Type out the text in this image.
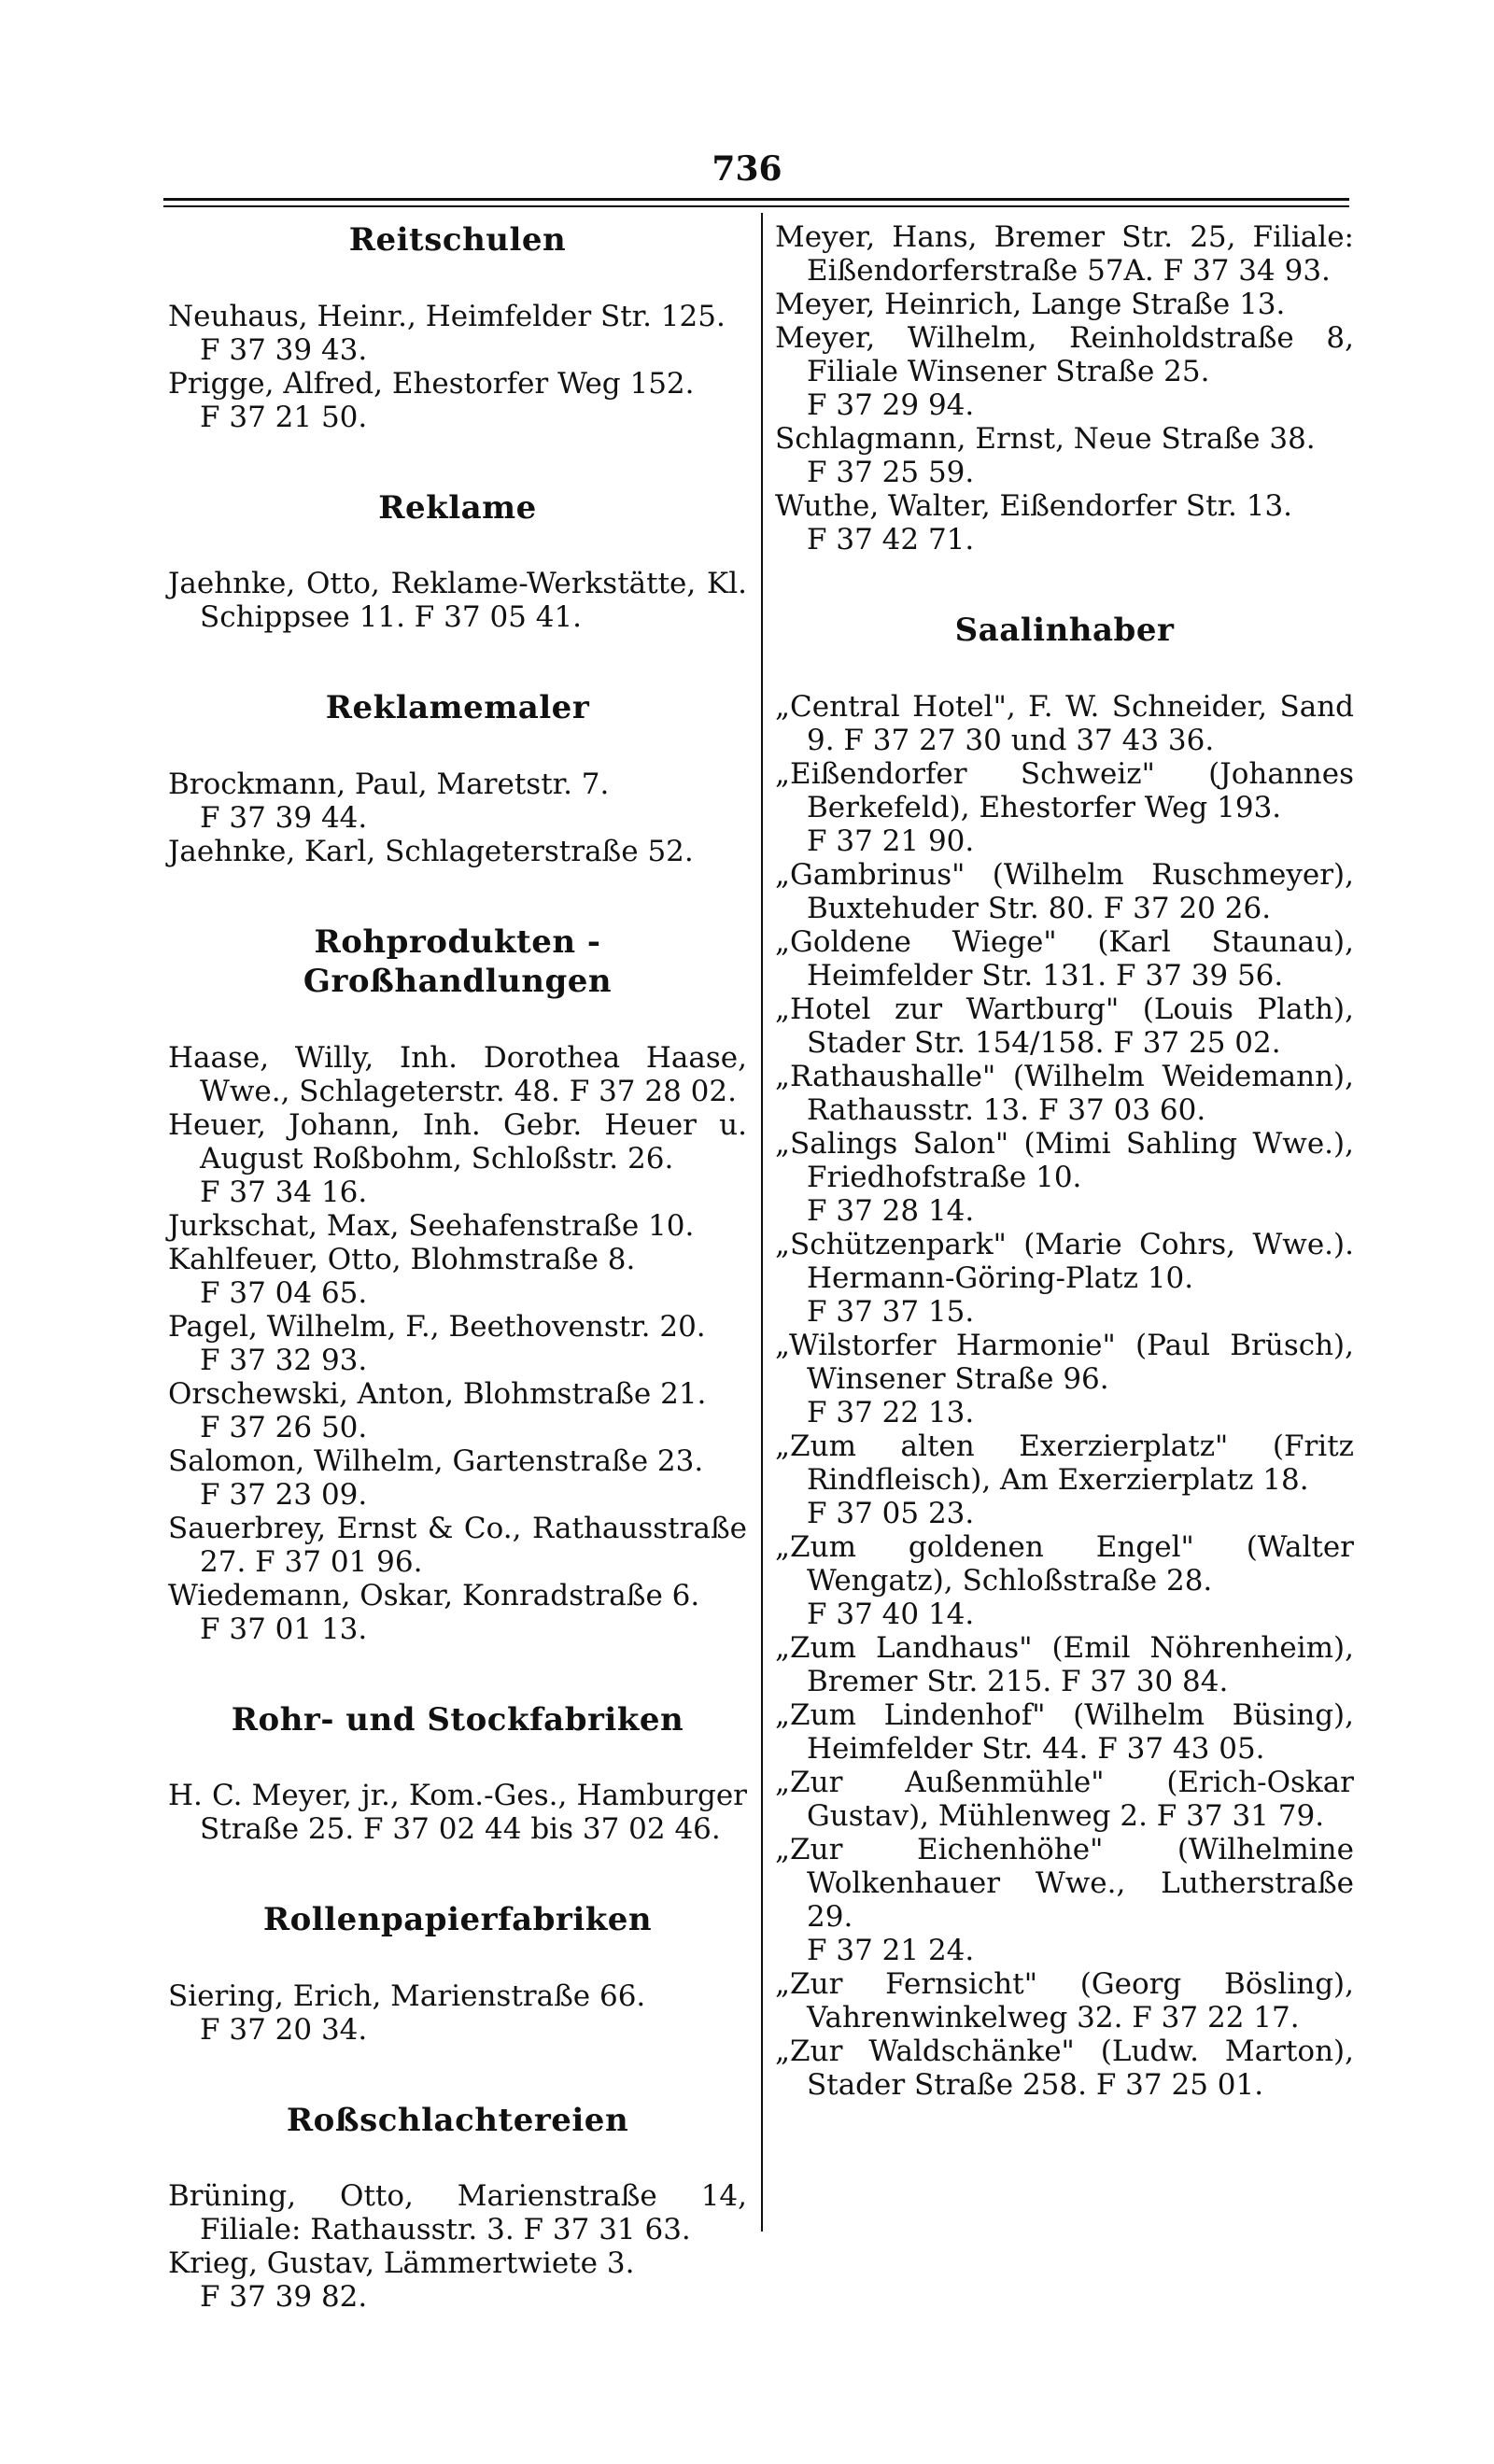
736
Reitschulen

Neuhaus, Heinr., Heimfelder Str. 125.
F 37 39 43.

Prigge, Alfred, Ehestorfer Weg 152.
F 37 21 50.

Reklame

Jaehnke, Otto, Reklame-Werkstätte, Kl. Schippsee 11. F 37 05 41.

Reklamemaler

Brockmann, Paul, Maretstr. 7.
F 37 39 44.

Jaehnke, Karl, Schlageterstraße 52.

Rohprodukten - Großhandlungen

Haase, Willy, Inh. Dorothea Haase, Wwe., Schlageterstr. 48. F 37 28 02.

Heuer, Johann, Inh. Gebr. Heuer u. August Roßbohm, Schloßstr. 26.
F 37 34 16.

Jurkschat, Max, Seehafenstraße 10.

Kahlfeuer, Otto, Blohmstraße 8.
F 37 04 65.

Pagel, Wilhelm, F., Beethovenstr. 20.
F 37 32 93.

Orschewski, Anton, Blohmstraße 21.
F 37 26 50.

Salomon, Wilhelm, Gartenstraße 23.
F 37 23 09.

Sauerbrey, Ernst & Co., Rathausstraße 27. F 37 01 96.

Wiedemann, Oskar, Konradstraße 6.
F 37 01 13.

Rohr- und Stockfabriken

H. C. Meyer, jr., Kom.-Ges., Hamburger Straße 25. F 37 02 44 bis 37 02 46.

Rollenpapierfabriken

Siering, Erich, Marienstraße 66.
F 37 20 34.

Roßschlachtereien

Brüning, Otto, Marienstraße 14, Filiale: Rathausstr. 3. F 37 31 63.

Krieg, Gustav, Lämmertwiete 3.
F 37 39 82.

Meyer, Hans, Bremer Str. 25, Filiale: Eißendorferstraße 57A. F 37 34 93.

Meyer, Heinrich, Lange Straße 13.

Meyer, Wilhelm, Reinholdstraße 8, Filiale Winsener Straße 25.
F 37 29 94.

Schlagmann, Ernst, Neue Straße 38.
F 37 25 59.

Wuthe, Walter, Eißendorfer Str. 13.
F 37 42 71.

Saalinhaber

„Central Hotel", F. W. Schneider, Sand 9. F 37 27 30 und 37 43 36.

„Eißendorfer Schweiz" (Johannes Berkefeld), Ehestorfer Weg 193.
F 37 21 90.

„Gambrinus" (Wilhelm Ruschmeyer), Buxtehuder Str. 80. F 37 20 26.

„Goldene Wiege" (Karl Staunau), Heimfelder Str. 131. F 37 39 56.

„Hotel zur Wartburg" (Louis Plath), Stader Str. 154/158. F 37 25 02.

„Rathaushalle" (Wilhelm Weidemann), Rathausstr. 13. F 37 03 60.

„Salings Salon" (Mimi Sahling Wwe.), Friedhofstraße 10.
F 37 28 14.

„Schützenpark" (Marie Cohrs, Wwe.). Hermann-Göring-Platz 10.
F 37 37 15.

„Wilstorfer Harmonie" (Paul Brüsch), Winsener Straße 96.
F 37 22 13.

„Zum alten Exerzierplatz" (Fritz Rindfleisch), Am Exerzierplatz 18.
F 37 05 23.

„Zum goldenen Engel" (Walter Wengatz), Schloßstraße 28.
F 37 40 14.

„Zum Landhaus" (Emil Nöhrenheim), Bremer Str. 215. F 37 30 84.

„Zum Lindenhof" (Wilhelm Büsing), Heimfelder Str. 44. F 37 43 05.

„Zur Außenmühle" (Erich-Oskar Gustav), Mühlenweg 2. F 37 31 79.

„Zur Eichenhöhe" (Wilhelmine Wolkenhauer Wwe., Lutherstraße 29.
F 37 21 24.

„Zur Fernsicht" (Georg Bösling), Vahrenwinkelweg 32. F 37 22 17.

„Zur Waldschänke" (Ludw. Marton), Stader Straße 258. F 37 25 01.
